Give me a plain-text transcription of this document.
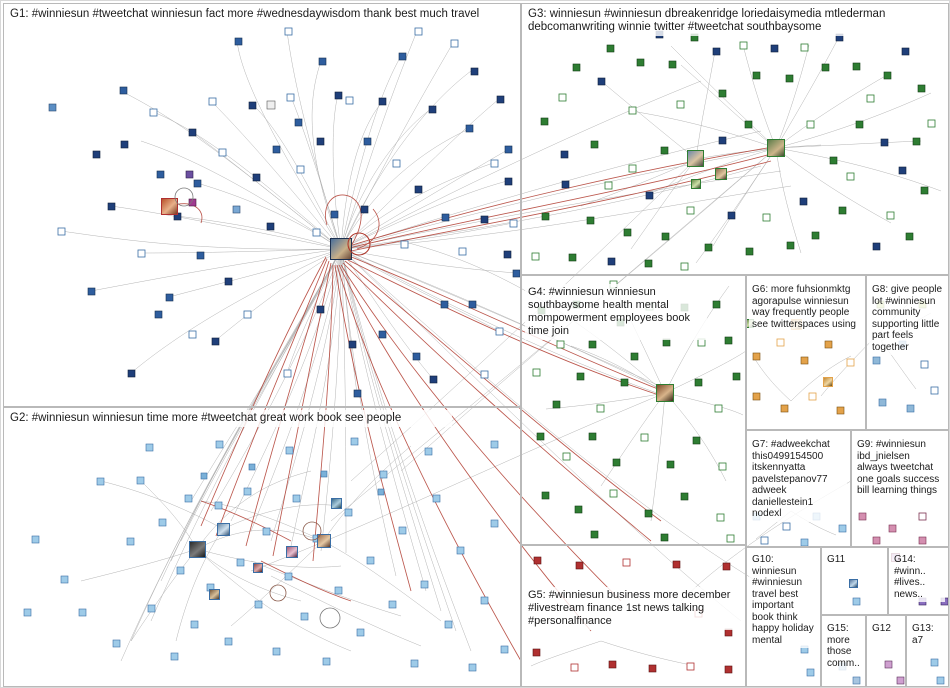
G1: #winniesun #tweetchat winniesun fact more #wednesdaywisdom thank best much travel
G2: #winniesun winniesun time more #tweetchat great work book see people
G3: winniesun #winniesun dbreakenridge loriedaisymedia mtlederman debcomanwriting winnie twitter #tweetchat southbaysome
G4: #winniesun winniesun southbaysome health mental mompowerment employees book time join
G5: #winniesun business more december #livestream finance 1st news talking #personalfinance
G6: more fuhsionmktg agorapulse winniesun way frequently people see twitterspaces using
G7: #adweekchat this0499154500 itskennyatta pavelstepanov77 adweek daniellestein1 nodexl
G8: give people lot #winniesun community supporting little part feels together
G9: #winniesun ibd_jnielsen always tweetchat one goals success bill learning things
G10: winniesun #winniesun travel best important book think happy holiday mental
G11	G14: #winn.. #lives.. news..
G15: more those comm..
G12	G13: a7
